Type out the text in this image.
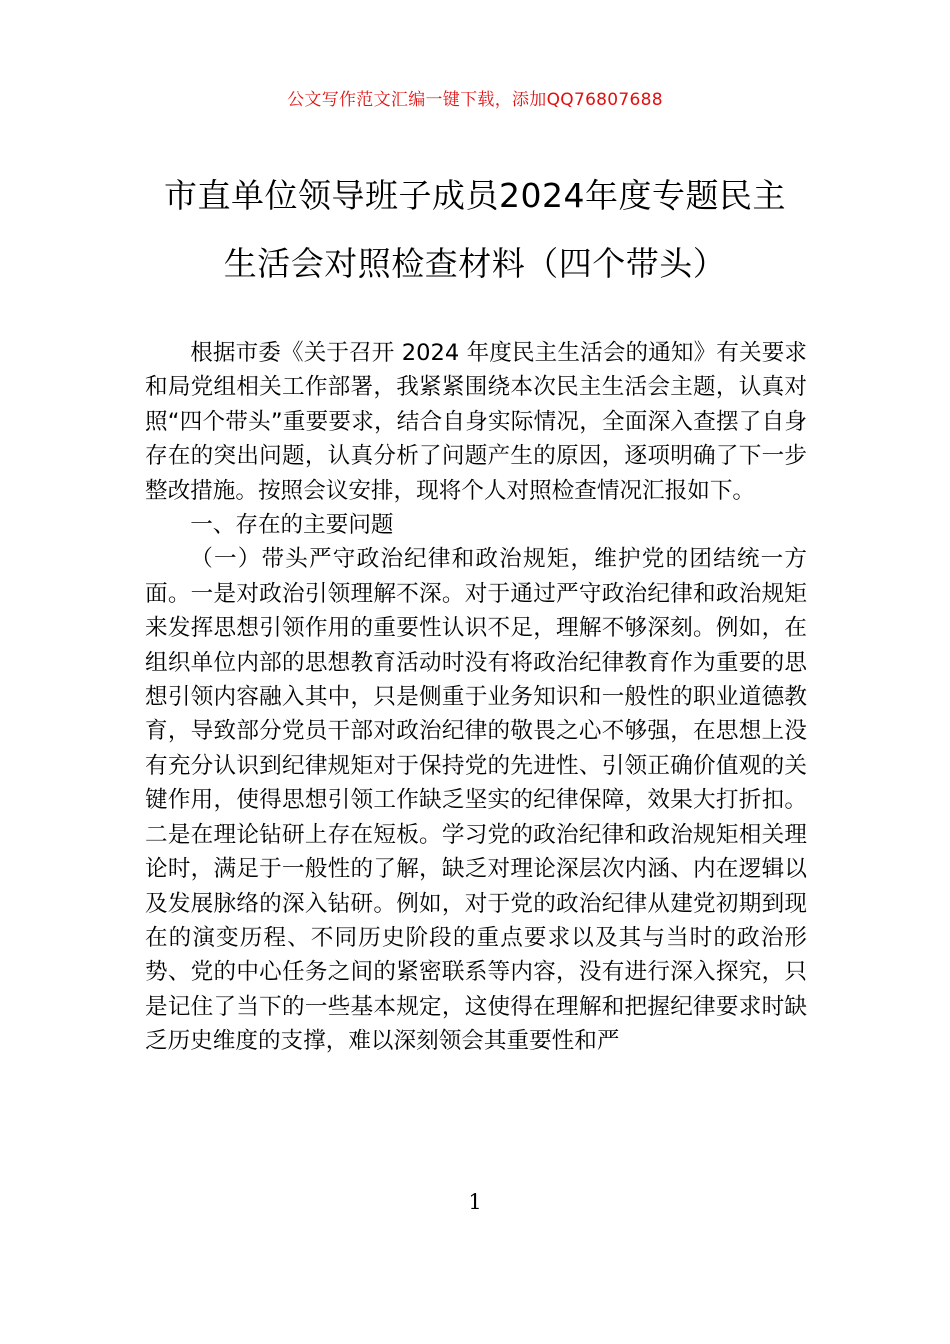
公文写作范文汇编一键下载，添加QQ76807688
市直单位领导班子成员2024年度专题民主
生活会对照检查材料（四个带头）

根据市委《关于召开 2024 年度民主生活会的通知》有关要求和局党组相关工作部署，我紧紧围绕本次民主生活会主题，认真对照“四个带头”重要要求，结合自身实际情况，全面深入查摆了自身存在的突出问题，认真分析了问题产生的原因，逐项明确了下一步整改措施。按照会议安排，现将个人对照检查情况汇报如下。

一、存在的主要问题

（一）带头严守政治纪律和政治规矩，维护党的团结统一方面。一是对政治引领理解不深。对于通过严守政治纪律和政治规矩来发挥思想引领作用的重要性认识不足，理解不够深刻。例如，在组织单位内部的思想教育活动时没有将政治纪律教育作为重要的思想引领内容融入其中，只是侧重于业务知识和一般性的职业道德教育，导致部分党员干部对政治纪律的敬畏之心不够强，在思想上没有充分认识到纪律规矩对于保持党的先进性、引领正确价值观的关键作用，使得思想引领工作缺乏坚实的纪律保障，效果大打折扣。二是在理论钻研上存在短板。学习党的政治纪律和政治规矩相关理论时，满足于一般性的了解，缺乏对理论深层次内涵、内在逻辑以及发展脉络的深入钻研。例如，对于党的政治纪律从建党初期到现在的演变历程、不同历史阶段的重点要求以及其与当时的政治形势、党的中心任务之间的紧密联系等内容，没有进行深入探究，只是记住了当下的一些基本规定，这使得在理解和把握纪律要求时缺乏历史维度的支撑，难以深刻领会其重要性和严

1
